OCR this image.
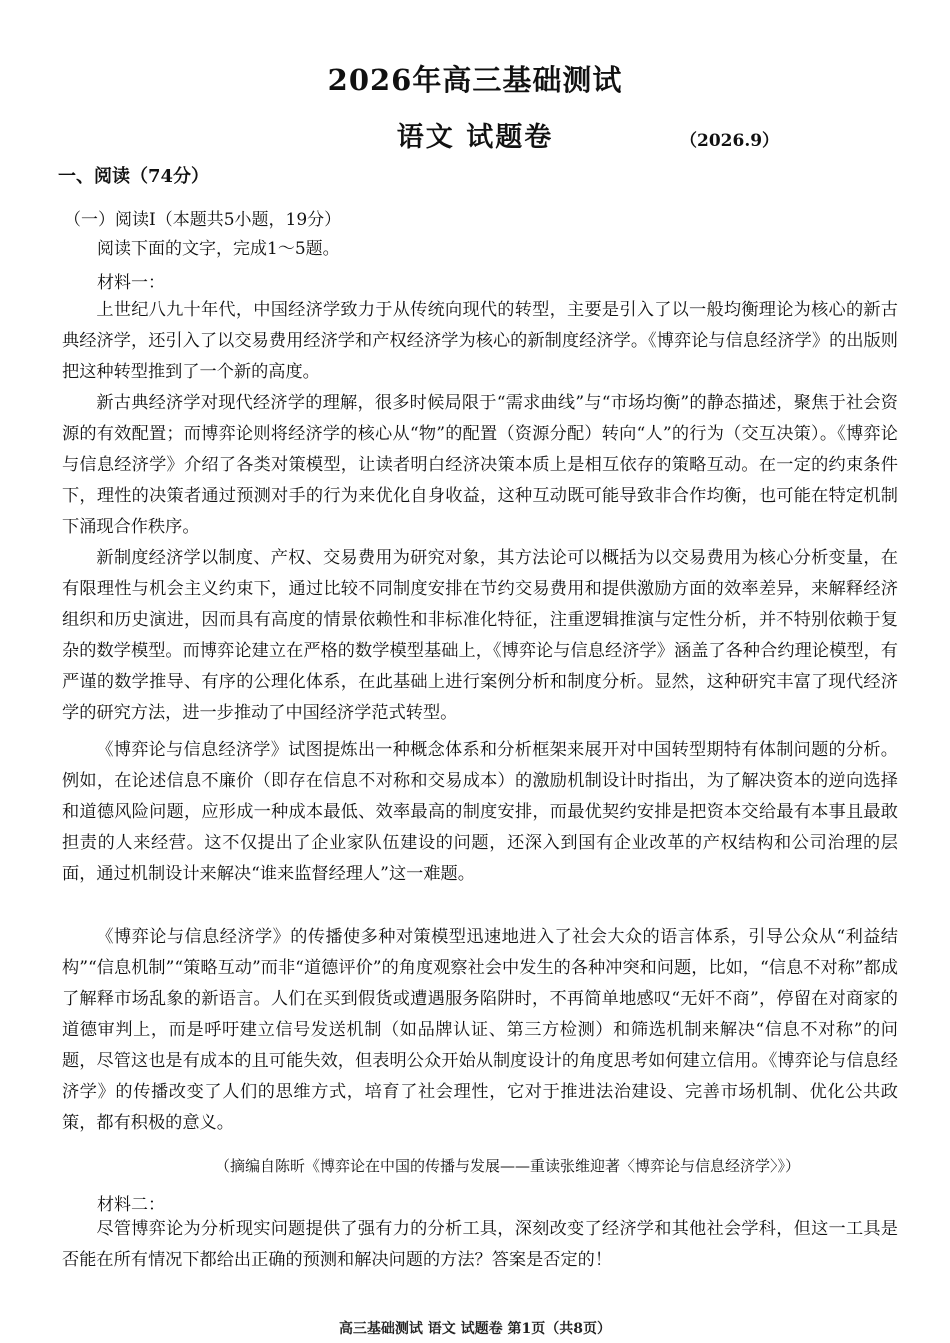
2026年高三基础测试
语文 试题卷	（2026.9）
一、阅读（74分）
（一）阅读Ⅰ（本题共5小题，19分）
阅读下面的文字，完成1～5题。
材料一：

上世纪八九十年代，中国经济学致力于从传统向现代的转型，主要是引入了以一般均衡理论为核心的新古典经济学，还引入了以交易费用经济学和产权经济学为核心的新制度经济学。《博弈论与信息经济学》的出版则把这种转型推到了一个新的高度。

新古典经济学对现代经济学的理解，很多时候局限于“需求曲线”与“市场均衡”的静态描述，聚焦于社会资源的有效配置；而博弈论则将经济学的核心从“物”的配置（资源分配）转向“人”的行为（交互决策）。《博弈论与信息经济学》介绍了各类对策模型，让读者明白经济决策本质上是相互依存的策略互动。在一定的约束条件下，理性的决策者通过预测对手的行为来优化自身收益，这种互动既可能导致非合作均衡，也可能在特定机制下涌现合作秩序。

新制度经济学以制度、产权、交易费用为研究对象，其方法论可以概括为以交易费用为核心分析变量，在有限理性与机会主义约束下，通过比较不同制度安排在节约交易费用和提供激励方面的效率差异，来解释经济组织和历史演进，因而具有高度的情景依赖性和非标准化特征，注重逻辑推演与定性分析，并不特别依赖于复杂的数学模型。而博弈论建立在严格的数学模型基础上，《博弈论与信息经济学》涵盖了各种合约理论模型，有严谨的数学推导、有序的公理化体系，在此基础上进行案例分析和制度分析。显然，这种研究丰富了现代经济学的研究方法，进一步推动了中国经济学范式转型。

《博弈论与信息经济学》试图提炼出一种概念体系和分析框架来展开对中国转型期特有体制问题的分析。例如，在论述信息不廉价（即存在信息不对称和交易成本）的激励机制设计时指出，为了解决资本的逆向选择和道德风险问题，应形成一种成本最低、效率最高的制度安排，而最优契约安排是把资本交给最有本事且最敢担责的人来经营。这不仅提出了企业家队伍建设的问题，还深入到国有企业改革的产权结构和公司治理的层面，通过机制设计来解决“谁来监督经理人”这一难题。

《博弈论与信息经济学》的传播使多种对策模型迅速地进入了社会大众的语言体系，引导公众从“利益结构”“信息机制”“策略互动”而非“道德评价”的角度观察社会中发生的各种冲突和问题，比如，“信息不对称”都成了解释市场乱象的新语言。人们在买到假货或遭遇服务陷阱时，不再简单地感叹“无奸不商”，停留在对商家的道德审判上，而是呼吁建立信号发送机制（如品牌认证、第三方检测）和筛选机制来解决“信息不对称”的问题，尽管这也是有成本的且可能失效，但表明公众开始从制度设计的角度思考如何建立信用。《博弈论与信息经济学》的传播改变了人们的思维方式，培育了社会理性，它对于推进法治建设、完善市场机制、优化公共政策，都有积极的意义。

（摘编自陈昕《博弈论在中国的传播与发展——重读张维迎著〈博弈论与信息经济学〉》）
材料二：

尽管博弈论为分析现实问题提供了强有力的分析工具，深刻改变了经济学和其他社会学科，但这一工具是否能在所有情况下都给出正确的预测和解决问题的方法？答案是否定的！

高三基础测试 语文 试题卷 第1页（共8页）
